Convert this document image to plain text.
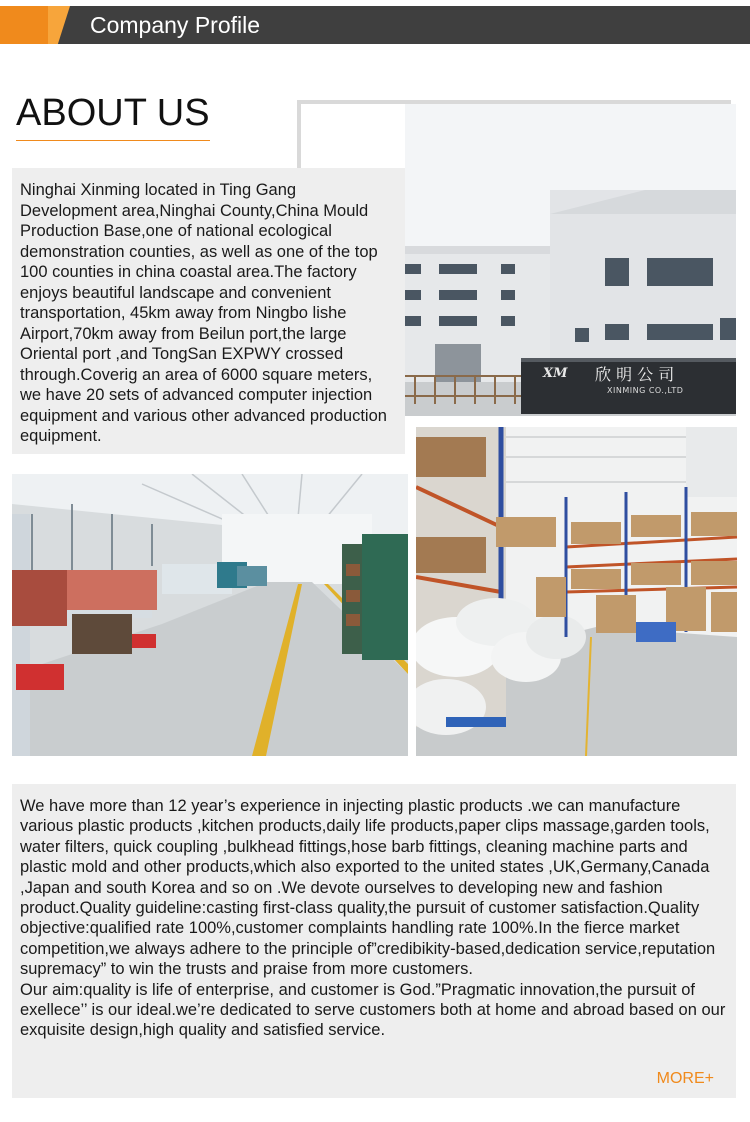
Company Profile
ABOUT US

Ninghai Xinming located in Ting Gang Development area,Ninghai County,China Mould Production Base,one of national ecological demonstration counties, as well as one of the top 100 counties in china coastal area.The factory enjoys beautiful landscape and convenient transportation, 45km away from Ningbo lishe Airport,70km away from Beilun port,the large Oriental port ,and TongSan EXPWY crossed through.Coverig an area of 6000 square meters, we have 20 sets of advanced computer injection equipment and various other advanced production equipment.

XM 欣 明 公 司
XINMING CO.,LTD

We have more than 12 year’s experience in injecting plastic products .we can manufacture various plastic products ,kitchen products,daily life products,paper clips massage,garden tools, water filters, quick coupling ,bulkhead fittings,hose barb fittings, cleaning machine parts and plastic mold and other products,which also exported to the united states ,UK,Germany,Canada ,Japan and south Korea and so on .We devote ourselves to developing new and fashion product.Quality guideline:casting first-class quality,the pursuit of customer satisfaction.Quality objective:qualified rate 100%,customer complaints handling rate 100%.In the fierce market competition,we always adhere to the principle of”credibikity-based,dedication service,reputation supremacy” to win the trusts and praise from more customers.

Our aim:quality is life of enterprise, and customer is God.”Pragmatic innovation,the pursuit of exellece’’ is our ideal.we’re dedicated to serve customers both at home and abroad based on our exquisite design,high quality and satisfied service.

MORE+
